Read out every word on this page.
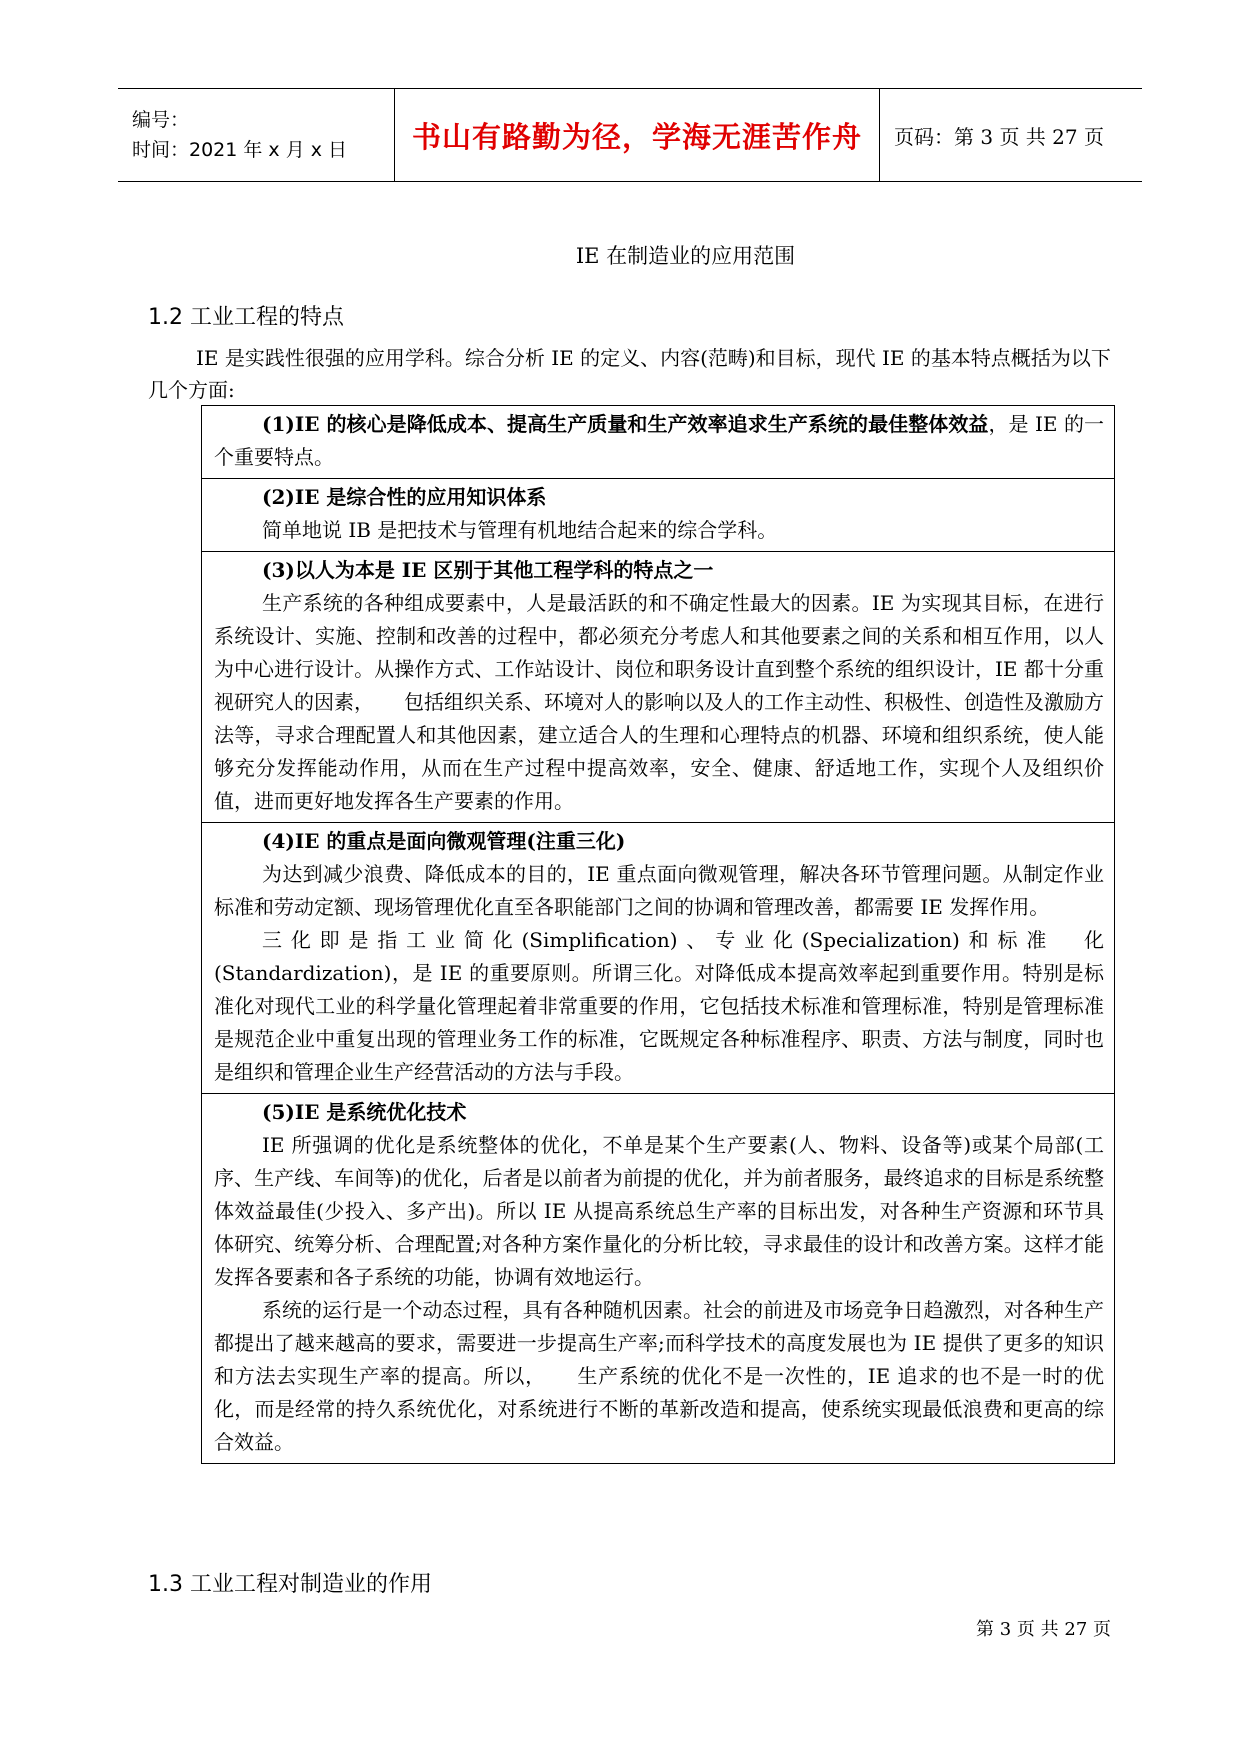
编号：
时间：2021 年 x 月 x 日	书山有路勤为径，学海无涯苦作舟	页码：第 3 页 共 27 页
IE 在制造业的应用范围
1.2 工业工程的特点
IE 是实践性很强的应用学科。综合分析 IE 的定义、内容(范畴)和目标，现代 IE 的基本特点概括为以下几个方面:

(1)IE 的核心是降低成本、提高生产质量和生产效率追求生产系统的最佳整体效益，是 IE 的一个重要特点。

(2)IE 是综合性的应用知识体系

简单地说 IB 是把技术与管理有机地结合起来的综合学科。

(3)以人为本是 IE 区别于其他工程学科的特点之一

生产系统的各种组成要素中，人是最活跃的和不确定性最大的因素。IE 为实现其目标，在进行系统设计、实施、控制和改善的过程中，都必须充分考虑人和其他要素之间的关系和相互作用，以人为中心进行设计。从操作方式、工作站设计、岗位和职务设计直到整个系统的组织设计，IE 都十分重视研究人的因素，　　包括组织关系、环境对人的影响以及人的工作主动性、积极性、创造性及激励方法等，寻求合理配置人和其他因素，建立适合人的生理和心理特点的机器、环境和组织系统，使人能够充分发挥能动作用，从而在生产过程中提高效率，安全、健康、舒适地工作，实现个人及组织价值，进而更好地发挥各生产要素的作用。

(4)IE 的重点是面向微观管理(注重三化)

为达到减少浪费、降低成本的目的，IE 重点面向微观管理，解决各环节管理问题。从制定作业标准和劳动定额、现场管理优化直至各职能部门之间的协调和管理改善，都需要 IE 发挥作用。

三化即是指工业简化(Simplification)、专业化(Specialization)和标准　化(Standardization)，是 IE 的重要原则。所谓三化。对降低成本提高效率起到重要作用。特别是标准化对现代工业的科学量化管理起着非常重要的作用，它包括技术标准和管理标准，特别是管理标准是规范企业中重复出现的管理业务工作的标准，它既规定各种标准程序、职责、方法与制度，同时也是组织和管理企业生产经营活动的方法与手段。

(5)IE 是系统优化技术

IE 所强调的优化是系统整体的优化，不单是某个生产要素(人、物料、设备等)或某个局部(工序、生产线、车间等)的优化，后者是以前者为前提的优化，并为前者服务，最终追求的目标是系统整体效益最佳(少投入、多产出)。所以 IE 从提高系统总生产率的目标出发，对各种生产资源和环节具体研究、统筹分析、合理配置;对各种方案作量化的分析比较，寻求最佳的设计和改善方案。这样才能发挥各要素和各子系统的功能，协调有效地运行。

系统的运行是一个动态过程，具有各种随机因素。社会的前进及市场竞争日趋激烈，对各种生产都提出了越来越高的要求，需要进一步提高生产率;而科学技术的高度发展也为 IE 提供了更多的知识和方法去实现生产率的提高。所以，　　生产系统的优化不是一次性的，IE 追求的也不是一时的优化，而是经常的持久系统优化，对系统进行不断的革新改造和提高，使系统实现最低浪费和更高的综合效益。

1.3 工业工程对制造业的作用
第 3 页 共 27 页
